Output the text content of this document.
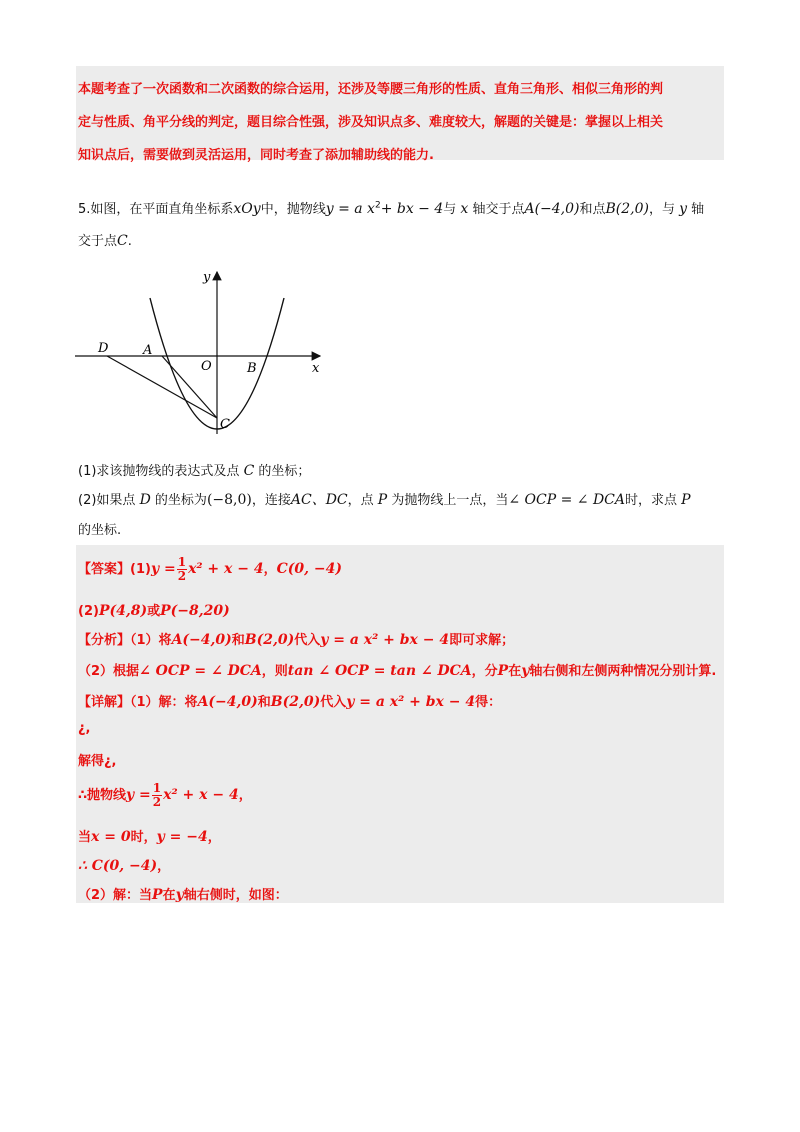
本题考查了一次函数和二次函数的综合运用，还涉及等腰三角形的性质、直角三角形、相似三角形的判
定与性质、角平分线的判定，题目综合性强，涉及知识点多、难度较大，解题的关键是：掌握以上相关
知识点后，需要做到灵活运用，同时考查了添加辅助线的能力.
5.如图，在平面直角坐标系xOy中，抛物线y = a $x^2+$ bx − 4与 x 轴交于点A(−4,0)和点B(2,0)，与 y 轴
交于点C.
y
x
O
A
B
C
D
(1)求该抛物线的表达式及点 C 的坐标；
(2)如果点 D 的坐标为(−8,0)，连接AC、DC，点 P 为抛物线上一点，当∠ OCP = ∠ DCA时，求点 P
的坐标.
【答案】$(1)y = \frac{1}{2} x^2 + x - 4$，C(0, −4)
(2)P(4,8)或P(−8,20)
【分析】（1）将A(−4,0)和B(2,0)代入y = a x² + bx − 4即可求解；
（2）根据∠ OCP = ∠ DCA，则tan ∠ OCP = tan ∠ DCA，分P在y轴右侧和左侧两种情况分别计算.
【详解】（1）解：将A(−4,0)和B(2,0)代入y = a x² + bx − 4得：
¿,
解得¿,
∴抛物线$y = \frac{1}{2} x^2 + x - 4$，
当x = 0时，y = −4，
∴ C(0, −4)，
（2）解：当P在y轴右侧时，如图：
